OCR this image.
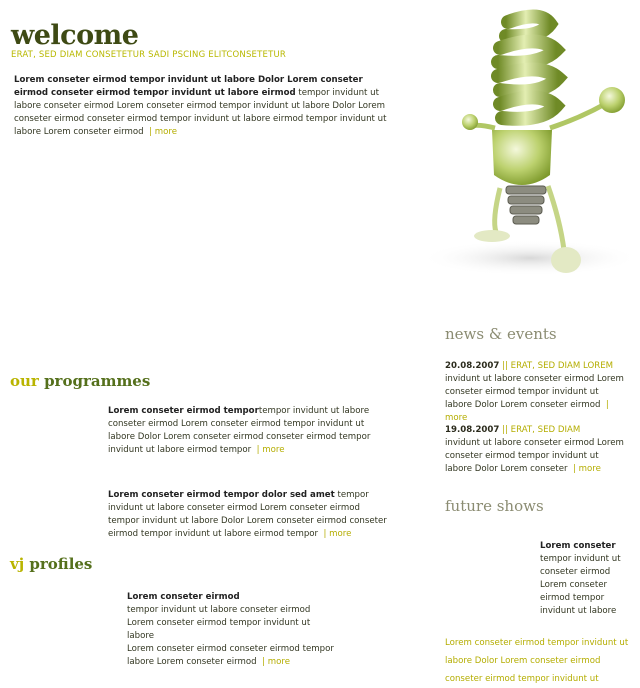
welcome
ERAT, SED DIAM CONSETETUR SADI PSCING ELITCONSETETUR
Lorem conseter eirmod tempor invidunt ut labore Dolor Lorem conseter eirmod conseter eirmod tempor invidunt ut labore eirmod tempor invidunt ut labore conseter eirmod Lorem conseter eirmod tempor invidunt ut labore Dolor Lorem conseter eirmod conseter eirmod tempor invidunt ut labore eirmod tempor invidunt ut labore Lorem conseter eirmod  | more
our programmes
Lorem conseter eirmod temportempor invidunt ut labore conseter eirmod Lorem conseter eirmod tempor invidunt ut labore Dolor Lorem conseter eirmod conseter eirmod tempor invidunt ut labore eirmod tempor  | more
Lorem conseter eirmod tempor dolor sed amet tempor invidunt ut labore conseter eirmod Lorem conseter eirmod tempor invidunt ut labore Dolor Lorem conseter eirmod conseter eirmod tempor invidunt ut labore eirmod tempor  | more
vj profiles
Lorem conseter eirmod
tempor invidunt ut labore conseter eirmod Lorem conseter eirmod tempor invidunt ut labore
Lorem conseter eirmod conseter eirmod tempor labore Lorem conseter eirmod  | more
news & events
20.08.2007 || ERAT, SED DIAM LOREM
invidunt ut labore conseter eirmod Lorem conseter eirmod tempor invidunt ut labore Dolor Lorem conseter eirmod  | more
19.08.2007 || ERAT, SED DIAM
invidunt ut labore conseter eirmod Lorem conseter eirmod tempor invidunt ut labore Dolor Lorem conseter  | more
future shows
Lorem conseter
tempor invidunt ut conseter eirmod Lorem conseter eirmod tempor invidunt ut labore
Lorem conseter eirmod tempor invidunt ut labore Dolor Lorem conseter eirmod conseter eirmod tempor invidunt ut
